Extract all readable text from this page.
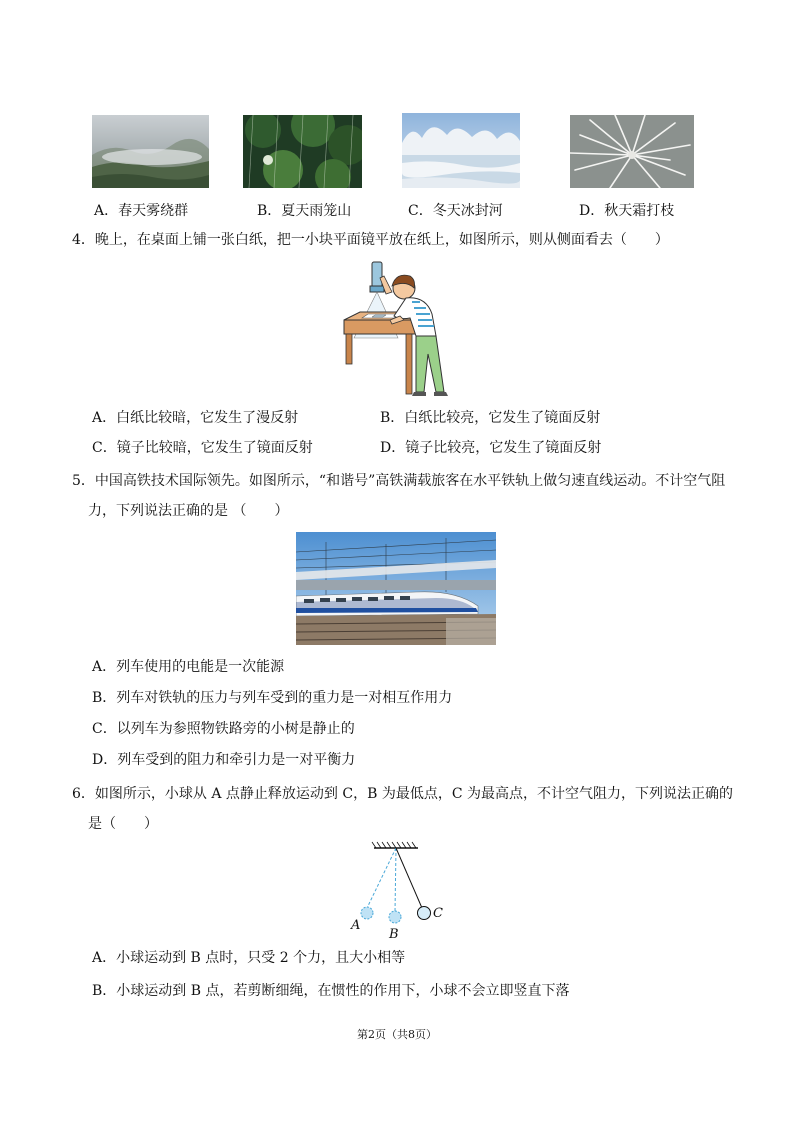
A．春天雾绕群	B．夏天雨笼山	C．冬天冰封河	D．秋天霜打枝
4．晚上，在桌面上铺一张白纸，把一小块平面镜平放在纸上，如图所示，则从侧面看去（　　）
A．白纸比较暗，它发生了漫反射	B．白纸比较亮，它发生了镜面反射
C．镜子比较暗，它发生了镜面反射	D．镜子比较亮，它发生了镜面反射
5．中国高铁技术国际领先。如图所示，“和谐号”高铁满载旅客在水平铁轨上做匀速直线运动。不计空气阻
力，下列说法正确的是 （　　）
A．列车使用的电能是一次能源
B．列车对铁轨的压力与列车受到的重力是一对相互作用力
C．以列车为参照物铁路旁的小树是静止的
D．列车受到的阻力和牵引力是一对平衡力
6．如图所示，小球从 A 点静止释放运动到 C，B 为最低点，C 为最高点，不计空气阻力，下列说法正确的
是（　　）
A
B
C
A．小球运动到 B 点时，只受 2 个力，且大小相等
B．小球运动到 B 点，若剪断细绳，在惯性的作用下，小球不会立即竖直下落
第2页（共8页）
